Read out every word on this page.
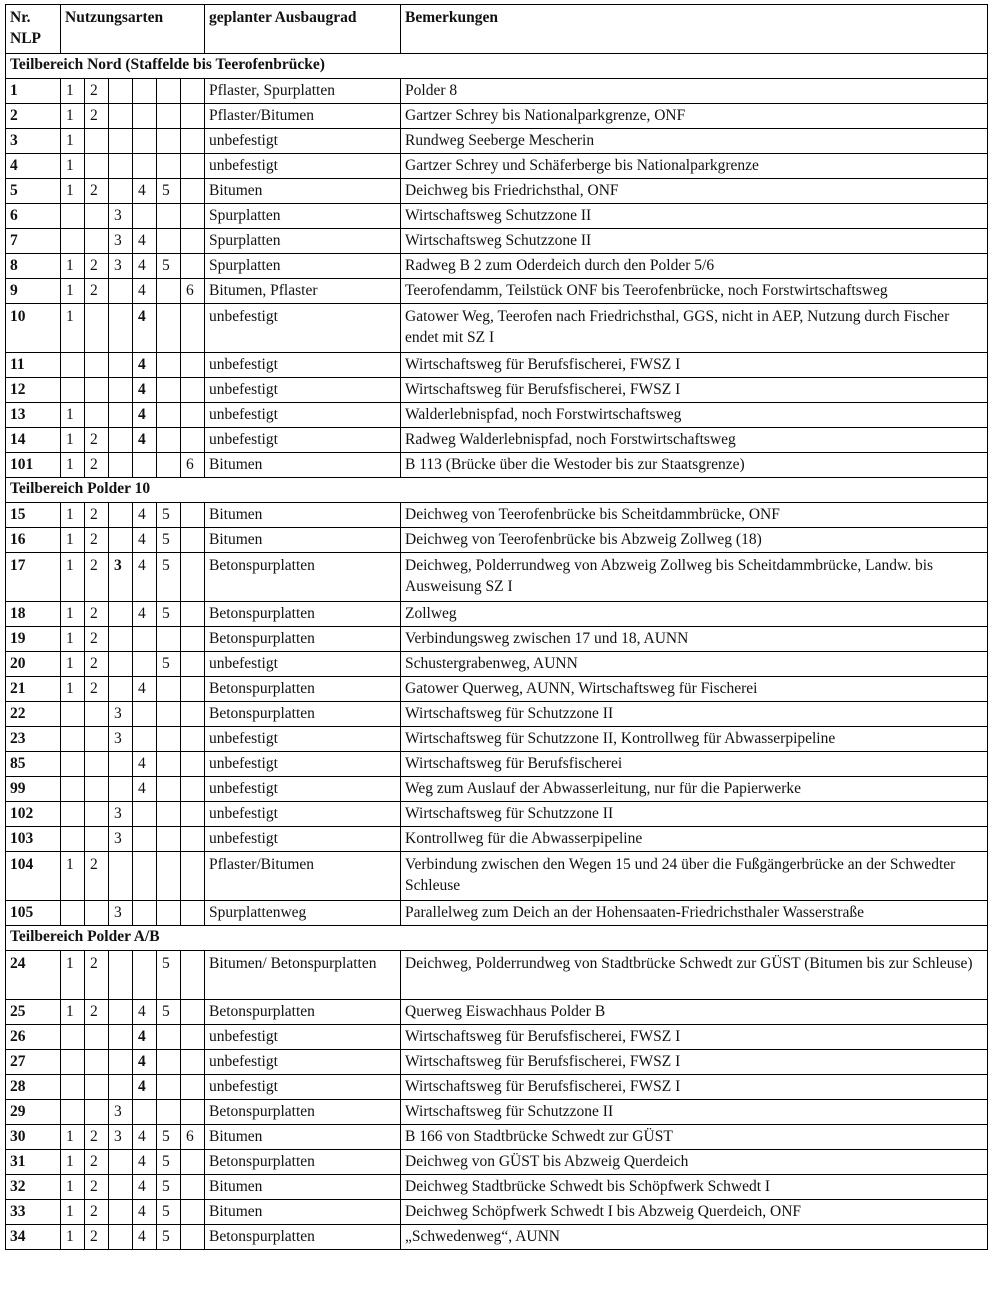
Nr. NLP	Nutzungsarten						geplanter Ausbaugrad	Bemerkungen
Teilbereich Nord (Staffelde bis Teerofenbrücke)								
1	1	2					Pflaster, Spurplatten	Polder 8
2	1	2					Pflaster/Bitumen	Gartzer Schrey bis Nationalparkgrenze, ONF
3	1						unbefestigt	Rundweg Seeberge Mescherin
4	1						unbefestigt	Gartzer Schrey und Schäferberge bis Nationalparkgrenze
5	1	2		4	5		Bitumen	Deichweg bis Friedrichsthal, ONF
6			3				Spurplatten	Wirtschaftsweg Schutzzone II
7			3	4			Spurplatten	Wirtschaftsweg Schutzzone II
8	1	2	3	4	5		Spurplatten	Radweg B 2 zum Oderdeich durch den Polder 5/6
9	1	2		4		6	Bitumen, Pflaster	Teerofendamm, Teilstück ONF bis Teerofenbrücke, noch Forstwirtschaftsweg
10	1			4			unbefestigt	Gatower Weg, Teerofen nach Friedrichsthal, GGS, nicht in AEP, Nutzung durch Fischer endet mit SZ I
11				4			unbefestigt	Wirtschaftsweg für Berufsfischerei, FWSZ I
12				4			unbefestigt	Wirtschaftsweg für Berufsfischerei, FWSZ I
13	1			4			unbefestigt	Walderlebnispfad, noch Forstwirtschaftsweg
14	1	2		4			unbefestigt	Radweg Walderlebnispfad, noch Forstwirtschaftsweg
101	1	2				6	Bitumen	B 113 (Brücke über die Westoder bis zur Staatsgrenze)
Teilbereich Polder 10								
15	1	2		4	5		Bitumen	Deichweg von Teerofenbrücke bis Scheitdammbrücke, ONF
16	1	2		4	5		Bitumen	Deichweg von Teerofenbrücke bis Abzweig Zollweg (18)
17	1	2	3	4	5		Betonspurplatten	Deichweg, Polderrundweg von Abzweig Zollweg bis Scheitdammbrücke, Landw. bis Ausweisung SZ I
18	1	2		4	5		Betonspurplatten	Zollweg
19	1	2					Betonspurplatten	Verbindungsweg zwischen 17 und 18, AUNN
20	1	2			5		unbefestigt	Schustergrabenweg, AUNN
21	1	2		4			Betonspurplatten	Gatower Querweg, AUNN, Wirtschaftsweg für Fischerei
22			3				Betonspurplatten	Wirtschaftsweg für Schutzzone II
23			3				unbefestigt	Wirtschaftsweg für Schutzzone II, Kontrollweg für Abwasserpipeline
85				4			unbefestigt	Wirtschaftsweg für Berufsfischerei
99				4			unbefestigt	Weg zum Auslauf der Abwasserleitung, nur für die Papierwerke
102			3				unbefestigt	Wirtschaftsweg für Schutzzone II
103			3				unbefestigt	Kontrollweg für die Abwasserpipeline
104	1	2					Pflaster/Bitumen	Verbindung zwischen den Wegen 15 und 24 über die Fußgängerbrücke an der Schwedter Schleuse
105			3				Spurplattenweg	Parallelweg zum Deich an der Hohensaaten-Friedrichsthaler Wasserstraße
Teilbereich Polder A/B								
24	1	2			5		Bitumen/ Betonspurplatten	Deichweg, Polderrundweg von Stadtbrücke Schwedt zur GÜST (Bitumen bis zur Schleuse)
25	1	2		4	5		Betonspurplatten	Querweg Eiswachhaus Polder B
26				4			unbefestigt	Wirtschaftsweg für Berufsfischerei, FWSZ I
27				4			unbefestigt	Wirtschaftsweg für Berufsfischerei, FWSZ I
28				4			unbefestigt	Wirtschaftsweg für Berufsfischerei, FWSZ I
29			3				Betonspurplatten	Wirtschaftsweg für Schutzzone II
30	1	2	3	4	5	6	Bitumen	B 166 von Stadtbrücke Schwedt zur GÜST
31	1	2		4	5		Betonspurplatten	Deichweg von GÜST bis Abzweig Querdeich
32	1	2		4	5		Bitumen	Deichweg Stadtbrücke Schwedt bis Schöpfwerk Schwedt I
33	1	2		4	5		Bitumen	Deichweg Schöpfwerk Schwedt I bis Abzweig Querdeich, ONF
34	1	2		4	5		Betonspurplatten	„Schwedenweg“, AUNN
